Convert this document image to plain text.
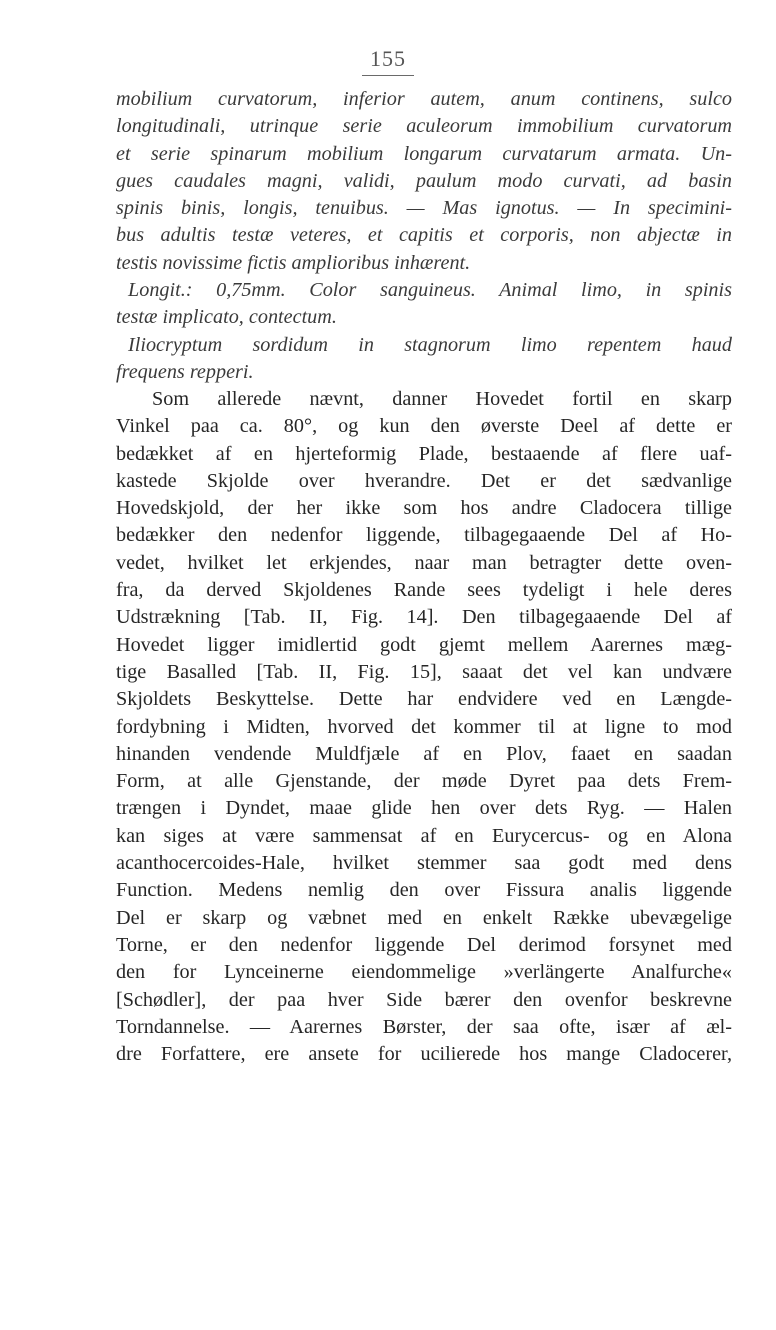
155
mobilium curvatorum, inferior autem, anum continens, sulco
longitudinali, utrinque serie aculeorum immobilium curvatorum
et serie spinarum mobilium longarum curvatarum armata. Un-
gues caudales magni, validi, paulum modo curvati, ad basin
spinis binis, longis, tenuibus. — Mas ignotus. — In specimini-
bus adultis testæ veteres, et capitis et corporis, non abjectæ in
testis novissime fictis amplioribus inhærent.
Longit.: 0,75mm. Color sanguineus. Animal limo, in spinis
testæ implicato, contectum.
Iliocryptum sordidum in stagnorum limo repentem haud
frequens repperi.
Som allerede nævnt, danner Hovedet fortil en skarp
Vinkel paa ca. 80°, og kun den øverste Deel af dette er
bedækket af en hjerteformig Plade, bestaaende af flere uaf-
kastede Skjolde over hverandre. Det er det sædvanlige
Hovedskjold, der her ikke som hos andre Cladocera tillige
bedækker den nedenfor liggende, tilbagegaaende Del af Ho-
vedet, hvilket let erkjendes, naar man betragter dette oven-
fra, da derved Skjoldenes Rande sees tydeligt i hele deres
Udstrækning [Tab. II, Fig. 14]. Den tilbagegaaende Del af
Hovedet ligger imidlertid godt gjemt mellem Aarernes mæg-
tige Basalled [Tab. II, Fig. 15], saaat det vel kan undvære
Skjoldets Beskyttelse. Dette har endvidere ved en Længde-
fordybning i Midten, hvorved det kommer til at ligne to mod
hinanden vendende Muldfjæle af en Plov, faaet en saadan
Form, at alle Gjenstande, der møde Dyret paa dets Frem-
trængen i Dyndet, maae glide hen over dets Ryg. — Halen
kan siges at være sammensat af en Eurycercus- og en Alona
acanthocercoides-Hale, hvilket stemmer saa godt med dens
Function. Medens nemlig den over Fissura analis liggende
Del er skarp og væbnet med en enkelt Række ubevægelige
Torne, er den nedenfor liggende Del derimod forsynet med
den for Lynceinerne eiendommelige »verlängerte Analfurche«
[Schødler], der paa hver Side bærer den ovenfor beskrevne
Torndannelse. — Aarernes Børster, der saa ofte, især af æl-
dre Forfattere, ere ansete for ucilierede hos mange Cladocerer,
